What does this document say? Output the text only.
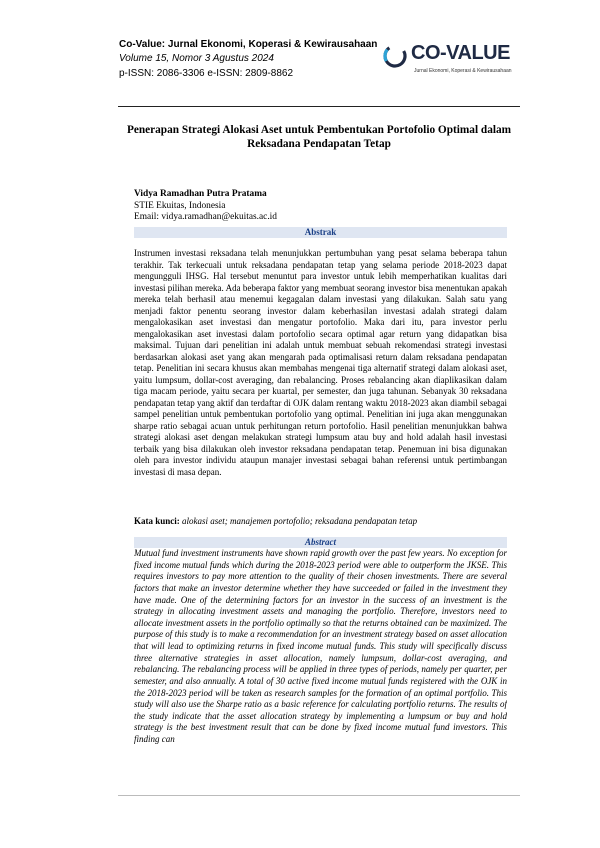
Co-Value: Jurnal Ekonomi, Koperasi & Kewirausahaan
Volume 15, Nomor 3 Agustus 2024
p-ISSN: 2086-3306 e-ISSN: 2809-8862
CO-VALUE
Jurnal Ekonomi, Koperasi & Kewirausahaan
Penerapan Strategi Alokasi Aset untuk Pembentukan Portofolio Optimal dalam Reksadana Pendapatan Tetap
Vidya Ramadhan Putra Pratama
STIE Ekuitas, Indonesia
Email: vidya.ramadhan@ekuitas.ac.id
Abstrak
Instrumen investasi reksadana telah menunjukkan pertumbuhan yang pesat selama beberapa tahun terakhir. Tak terkecuali untuk reksadana pendapatan tetap yang selama periode 2018-2023 dapat mengungguli IHSG. Hal tersebut menuntut para investor untuk lebih memperhatikan kualitas dari investasi pilihan mereka. Ada beberapa faktor yang membuat seorang investor bisa menentukan apakah mereka telah berhasil atau menemui kegagalan dalam investasi yang dilakukan. Salah satu yang menjadi faktor penentu seorang investor dalam keberhasilan investasi adalah strategi dalam mengalokasikan aset investasi dan mengatur portofolio. Maka dari itu, para investor perlu mengalokasikan aset investasi dalam portofolio secara optimal agar return yang didapatkan bisa maksimal. Tujuan dari penelitian ini adalah untuk membuat sebuah rekomendasi strategi investasi berdasarkan alokasi aset yang akan mengarah pada optimalisasi return dalam reksadana pendapatan tetap. Penelitian ini secara khusus akan membahas mengenai tiga alternatif strategi dalam alokasi aset, yaitu lumpsum, dollar-cost averaging, dan rebalancing. Proses rebalancing akan diaplikasikan dalam tiga macam periode, yaitu secara per kuartal, per semester, dan juga tahunan. Sebanyak 30 reksadana pendapatan tetap yang aktif dan terdaftar di OJK dalam rentang waktu 2018-2023 akan diambil sebagai sampel penelitian untuk pembentukan portofolio yang optimal. Penelitian ini juga akan menggunakan sharpe ratio sebagai acuan untuk perhitungan return portofolio. Hasil penelitian menunjukkan bahwa strategi alokasi aset dengan melakukan strategi lumpsum atau buy and hold adalah hasil investasi terbaik yang bisa dilakukan oleh investor reksadana pendapatan tetap. Penemuan ini bisa digunakan oleh para investor individu ataupun manajer investasi sebagai bahan referensi untuk pertimbangan investasi di masa depan.
Kata kunci: alokasi aset; manajemen portofolio; reksadana pendapatan tetap
Abstract
Mutual fund investment instruments have shown rapid growth over the past few years. No exception for fixed income mutual funds which during the 2018-2023 period were able to outperform the JKSE. This requires investors to pay more attention to the quality of their chosen investments. There are several factors that make an investor determine whether they have succeeded or failed in the investment they have made. One of the determining factors for an investor in the success of an investment is the strategy in allocating investment assets and managing the portfolio. Therefore, investors need to allocate investment assets in the portfolio optimally so that the returns obtained can be maximized. The purpose of this study is to make a recommendation for an investment strategy based on asset allocation that will lead to optimizing returns in fixed income mutual funds. This study will specifically discuss three alternative strategies in asset allocation, namely lumpsum, dollar-cost averaging, and rebalancing. The rebalancing process will be applied in three types of periods, namely per quarter, per semester, and also annually. A total of 30 active fixed income mutual funds registered with the OJK in the 2018-2023 period will be taken as research samples for the formation of an optimal portfolio. This study will also use the Sharpe ratio as a basic reference for calculating portfolio returns. The results of the study indicate that the asset allocation strategy by implementing a lumpsum or buy and hold strategy is the best investment result that can be done by fixed income mutual fund investors. This finding can
